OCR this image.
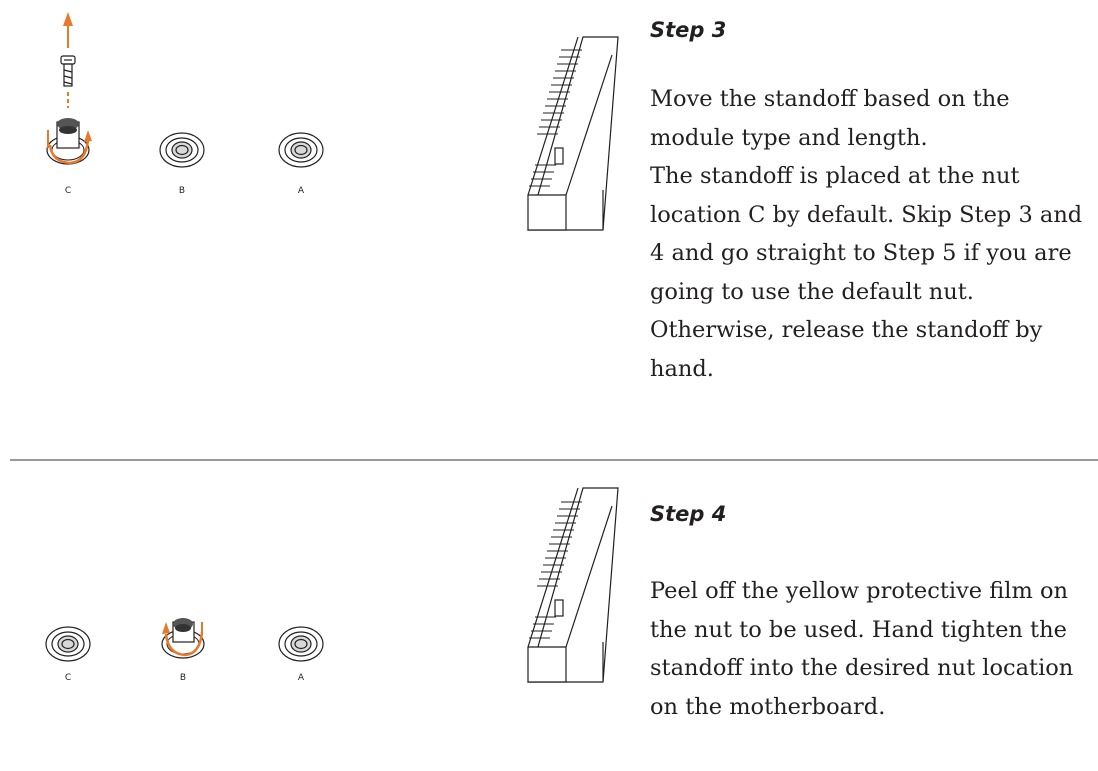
C	B	A
Step 3

Move the standoff based on the module type and length.

The standoff is placed at the nut location C by default. Skip Step 3 and 4 and go straight to Step 5 if you are going to use the default nut. Otherwise, release the standoff by hand.

C	B	A
Step 4

Peel off the yellow protective film on the nut to be used. Hand tighten the standoff into the desired nut location on the motherboard.
